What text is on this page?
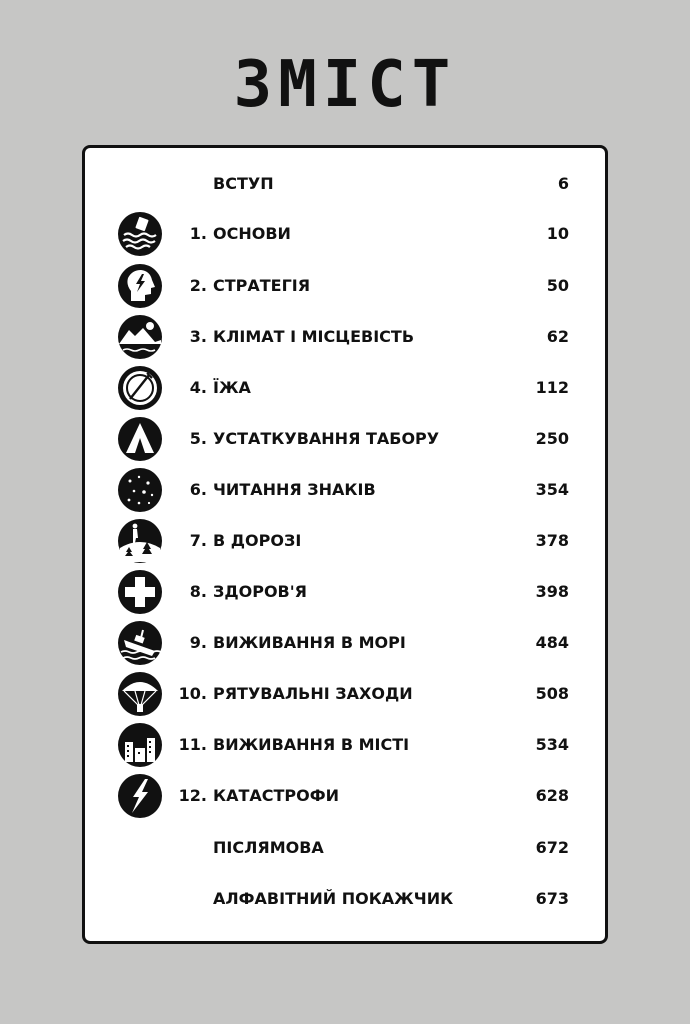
ЗМІСТ
ВСТУП	6
1. ОСНОВИ	10
2. СТРАТЕГІЯ	50
3. КЛІМАТ І МІСЦЕВІСТЬ	62
4. ЇЖА	112
5. УСТАТКУВАННЯ ТАБОРУ	250
6. ЧИТАННЯ ЗНАКІВ	354
7. В ДОРОЗІ	378
8. ЗДОРОВ'Я	398
9. ВИЖИВАННЯ В МОРІ	484
10. РЯТУВАЛЬНІ ЗАХОДИ	508
11. ВИЖИВАННЯ В МІСТІ	534
12. КАТАСТРОФИ	628
ПІСЛЯМОВА	672
АЛФАВІТНИЙ ПОКАЖЧИК	673
